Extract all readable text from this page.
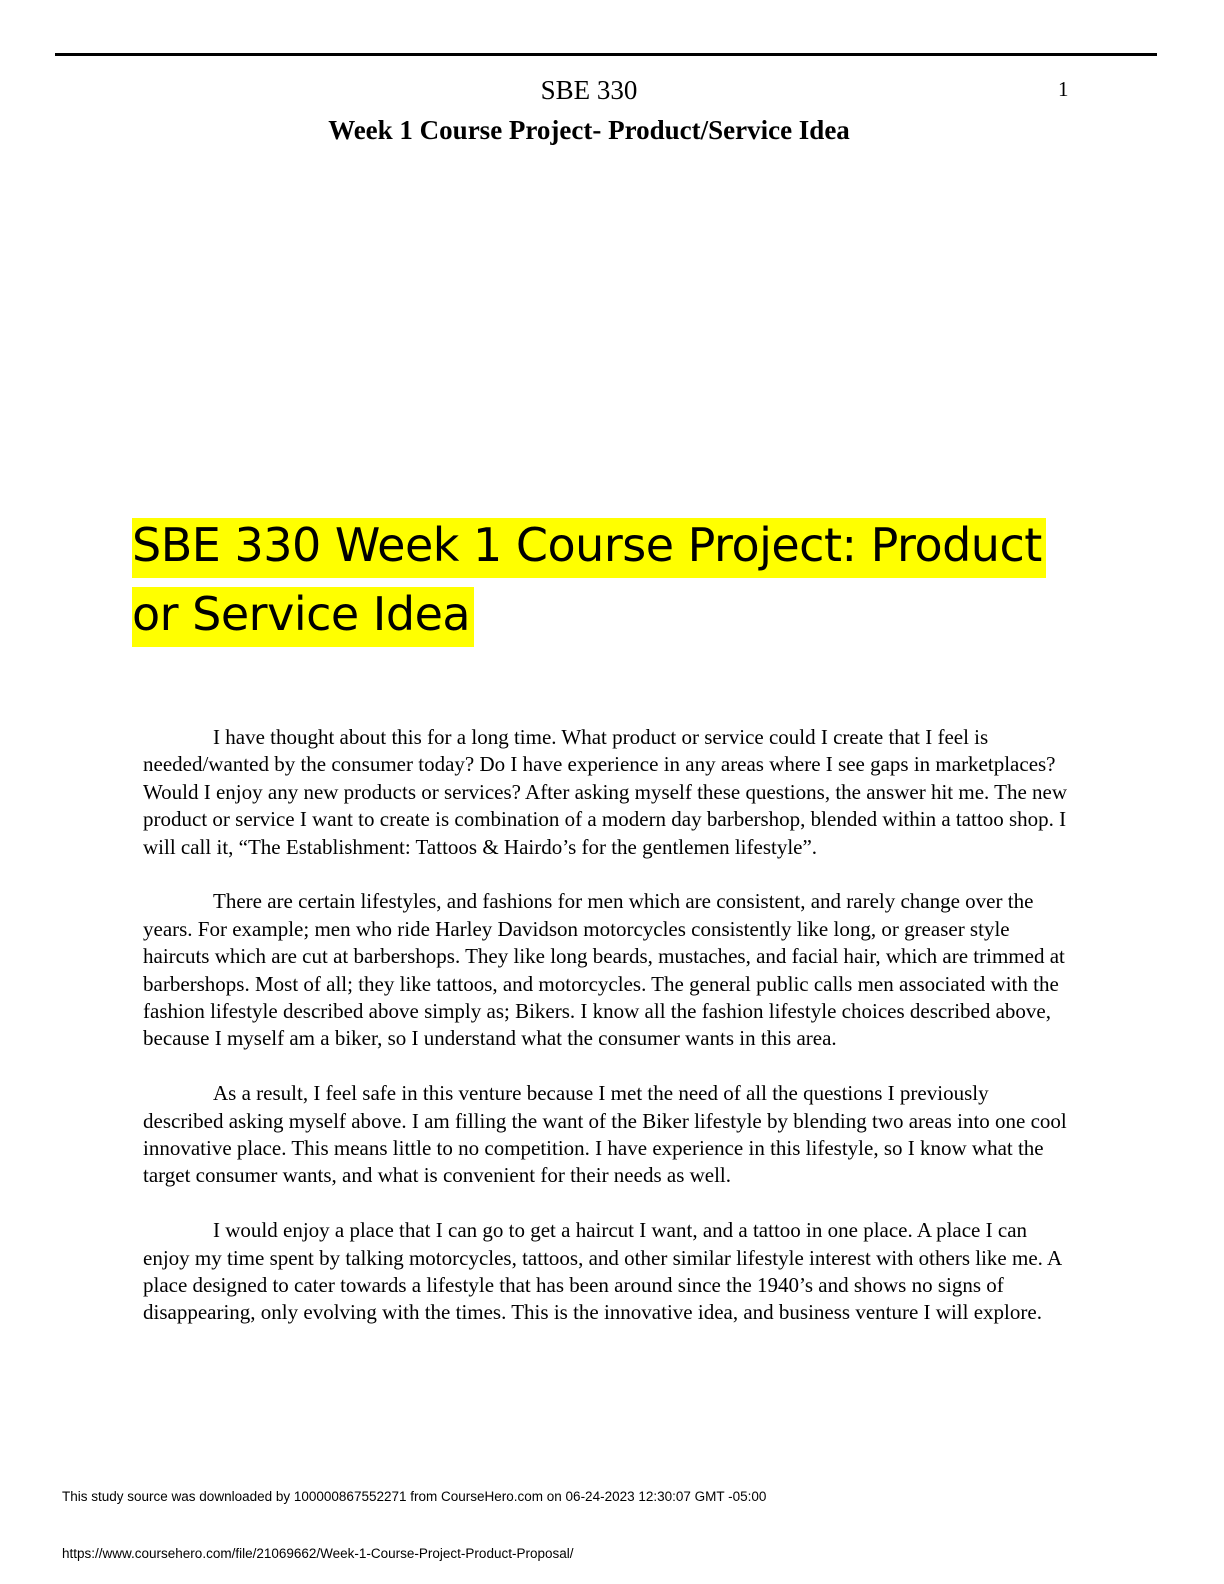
SBE 330	1
Week 1 Course Project- Product/Service Idea
SBE 330 Week 1 Course Project: Product
or Service Idea

I have thought about this for a long time. What product or service could I create that I feel is needed/wanted by the consumer today? Do I have experience in any areas where I see gaps in marketplaces? Would I enjoy any new products or services? After asking myself these questions, the answer hit me. The new product or service I want to create is combination of a modern day barbershop, blended within a tattoo shop. I will call it, “The Establishment: Tattoos & Hairdo’s for the gentlemen lifestyle”.

There are certain lifestyles, and fashions for men which are consistent, and rarely change over the years. For example; men who ride Harley Davidson motorcycles consistently like long, or greaser style haircuts which are cut at barbershops. They like long beards, mustaches, and facial hair, which are trimmed at barbershops. Most of all; they like tattoos, and motorcycles. The general public calls men associated with the fashion lifestyle described above simply as; Bikers. I know all the fashion lifestyle choices described above, because I myself am a biker, so I understand what the consumer wants in this area.

As a result, I feel safe in this venture because I met the need of all the questions I previously described asking myself above. I am filling the want of the Biker lifestyle by blending two areas into one cool innovative place. This means little to no competition. I have experience in this lifestyle, so I know what the target consumer wants, and what is convenient for their needs as well.

I would enjoy a place that I can go to get a haircut I want, and a tattoo in one place. A place I can enjoy my time spent by talking motorcycles, tattoos, and other similar lifestyle interest with others like me. A place designed to cater towards a lifestyle that has been around since the 1940’s and shows no signs of disappearing, only evolving with the times. This is the innovative idea, and business venture I will explore.

This study source was downloaded by 100000867552271 from CourseHero.com on 06-24-2023 12:30:07 GMT -05:00
https://www.coursehero.com/file/21069662/Week-1-Course-Project-Product-Proposal/
